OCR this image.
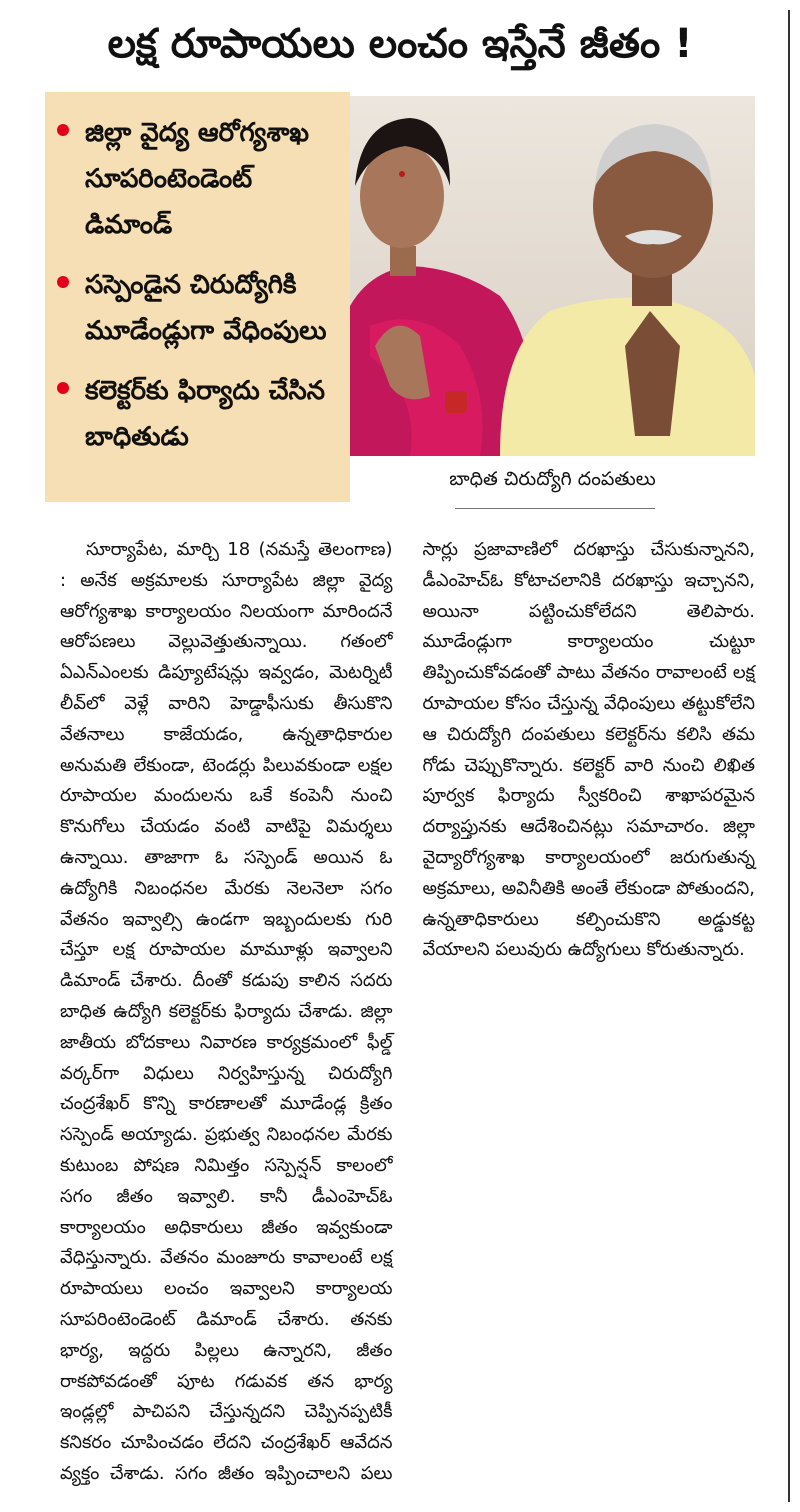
లక్ష రూపాయలు లంచం ఇస్తేనే జీతం !
జిల్లా వైద్య ఆరోగ్యశాఖ సూపరింటెండెంట్ డిమాండ్
సస్పెండైన చిరుద్యోగికి మూడేండ్లుగా వేధింపులు
కలెక్టర్‌కు ఫిర్యాదు చేసిన బాధితుడు
బాధిత చిరుద్యోగి దంపతులు

సూర్యాపేట, మార్చి 18 (నమస్తే తెలంగాణ) : అనేక అక్రమాలకు సూర్యాపేట జిల్లా వైద్య ఆరోగ్యశాఖ కార్యాలయం నిలయంగా మారిందనే ఆరోపణలు వెల్లువెత్తుతున్నాయి. గతంలో ఏఎన్‌ఎంలకు డిప్యూటేషన్లు ఇవ్వడం, మెటర్నిటీ లీవ్‌లో వెళ్లే వారిని హెడ్డాఫీసుకు తీసుకొని వేతనాలు కాజేయడం, ఉన్నతాధికారుల అనుమతి లేకుండా, టెండర్లు పిలువకుండా లక్షల రూపాయల మందులను ఒకే కంపెనీ నుంచి కొనుగోలు చేయడం వంటి వాటిపై విమర్శలు ఉన్నాయి. తాజాగా ఓ సస్పెండ్ అయిన ఓ ఉద్యోగికి నిబంధనల మేరకు నెలనెలా సగం వేతనం ఇవ్వాల్సి ఉండగా ఇబ్బందులకు గురి చేస్తూ లక్ష రూపాయల మామూళ్లు ఇవ్వాలని డిమాండ్ చేశారు. దీంతో కడుపు కాలిన సదరు బాధిత ఉద్యోగి కలెక్టర్‌కు ఫిర్యాదు చేశాడు. జిల్లా జాతీయ బోదకాలు నివారణ కార్యక్రమంలో ఫీల్డ్ వర్కర్‌గా విధులు నిర్వహిస్తున్న చిరుద్యోగి చంద్రశేఖర్ కొన్ని కారణాలతో మూడేండ్ల క్రితం సస్పెండ్ అయ్యాడు. ప్రభుత్వ నిబంధనల మేరకు కుటుంబ పోషణ నిమిత్తం సస్పెన్షన్ కాలంలో సగం జీతం ఇవ్వాలి. కానీ డీఎంహెచ్‌ఓ కార్యాలయం అధికారులు జీతం ఇవ్వకుండా వేధిస్తున్నారు. వేతనం మంజూరు కావాలంటే లక్ష రూపాయలు లంచం ఇవ్వాలని కార్యాలయ సూపరింటెండెంట్ డిమాండ్ చేశారు. తనకు భార్య, ఇద్దరు పిల్లలు ఉన్నారని, జీతం రాకపోవడంతో పూట గడువక తన భార్య ఇండ్లల్లో పాచిపని చేస్తున్నదని చెప్పినప్పటికీ కనికరం చూపించడం లేదని చంద్రశేఖర్ ఆవేదన వ్యక్తం చేశాడు. సగం జీతం ఇప్పించాలని పలు సార్లు ప్రజావాణిలో దరఖాస్తు చేసుకున్నానని, డీఎంహెచ్‌ఓ కోటాచలానికి దరఖాస్తు ఇచ్చానని, అయినా పట్టించుకోలేదని తెలిపారు. మూడేండ్లుగా కార్యాలయం చుట్టూ తిప్పించుకోవడంతో పాటు వేతనం రావాలంటే లక్ష రూపాయల కోసం చేస్తున్న వేధింపులు తట్టుకోలేని ఆ చిరుద్యోగి దంపతులు కలెక్టర్‌ను కలిసి తమ గోడు చెప్పుకొన్నారు. కలెక్టర్ వారి నుంచి లిఖిత పూర్వక ఫిర్యాదు స్వీకరించి శాఖాపరమైన దర్యాప్తునకు ఆదేశించినట్లు సమాచారం. జిల్లా వైద్యారోగ్యశాఖ కార్యాలయంలో జరుగుతున్న అక్రమాలు, అవినీతికి అంతే లేకుండా పోతుందని, ఉన్నతాధికారులు కల్పించుకొని అడ్డుకట్ట వేయాలని పలువురు ఉద్యోగులు కోరుతున్నారు.
